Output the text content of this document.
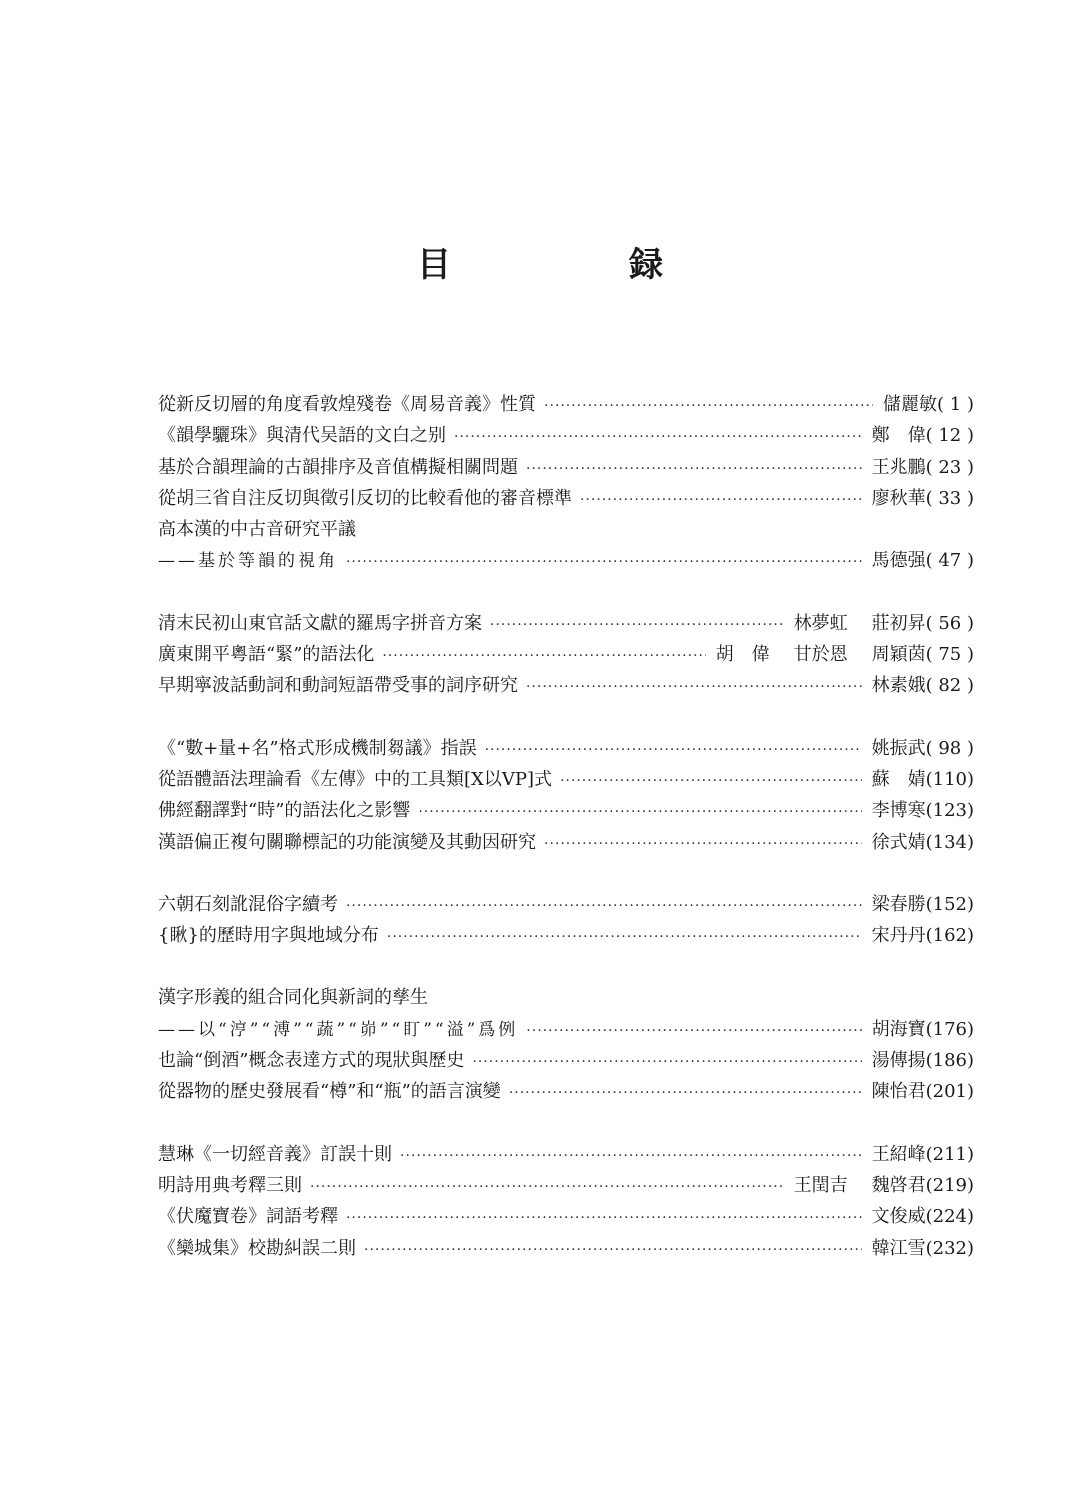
目　録
從新反切層的角度看敦煌殘卷《周易音義》性質 ·····	儲麗敏 ( 1 )
《韻學驪珠》與清代吴語的文白之别 ·····	鄭　偉 ( 12 )
基於合韻理論的古韻排序及音值構擬相關問題 ·····	王兆鵬 ( 23 )
從胡三省自注反切與徵引反切的比較看他的審音標準 ·····	廖秋華 ( 33 )
高本漢的中古音研究平議
——基於等韻的視角 ·····	馬德强 ( 47 )
清末民初山東官話文獻的羅馬字拼音方案 ·····	林夢虹 莊初昇 ( 56 )
廣東開平粵語“緊”的語法化 ·····	胡　偉 甘於恩 周穎茵 ( 75 )
早期寧波話動詞和動詞短語帶受事的詞序研究 ·····	林素娥 ( 82 )
《“數+量+名”格式形成機制芻議》指誤 ·····	姚振武 ( 98 )
從語體語法理論看《左傳》中的工具類[X以VP]式 ·····	蘇　婧 (110)
佛經翻譯對“時”的語法化之影響 ·····	李博寒 (123)
漢語偏正複句關聯標記的功能演變及其動因研究 ·····	徐式婧 (134)
六朝石刻訛混俗字續考 ·····	梁春勝 (152)
{瞅}的歷時用字與地域分布 ·····	宋丹丹 (162)
漢字形義的組合同化與新詞的孳生
——以“涥”“溥”“蔬”“峁”“盯”“溢”爲例 ·····	胡海寶 (176)
也論“倒酒”概念表達方式的現狀與歷史 ·····	湯傳揚 (186)
從器物的歷史發展看“樽”和“瓶”的語言演變 ·····	陳怡君 (201)
慧琳《一切經音義》訂誤十則 ·····	王紹峰 (211)
明詩用典考釋三則 ·····	王閏吉 魏啓君 (219)
《伏魔寶卷》詞語考釋 ·····	文俊威 (224)
《欒城集》校勘糾誤二則 ·····	韓江雪 (232)
